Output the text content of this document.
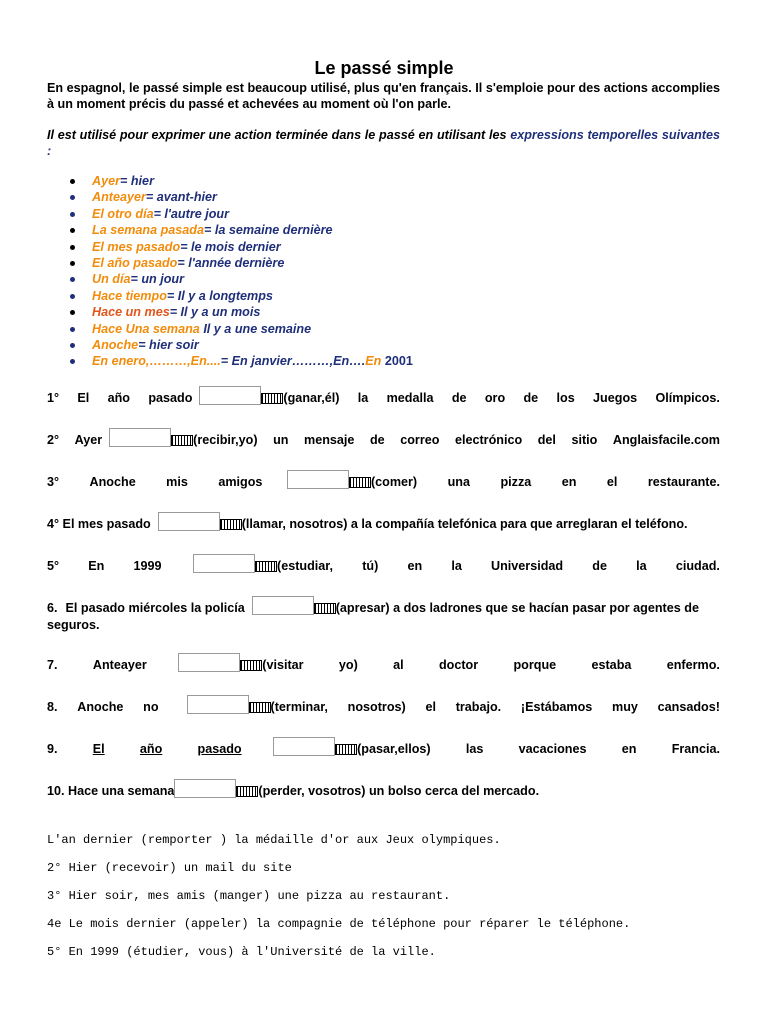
Le passé simple

En espagnol, le passé simple est beaucoup utilisé, plus qu'en français. Il s'emploie pour des actions accomplies à un moment précis du passé et achevées au moment où l'on parle.

Il est utilisé pour exprimer une action terminée dans le passé en utilisant les expressions temporelles suivantes :

Ayer= hier
Anteayer= avant-hier
El otro día= l'autre jour
La semana pasada= la semaine dernière
El mes pasado= le mois dernier
El año pasado= l'année dernière
Un día= un jour
Hace tiempo= Il y a longtemps
Hace un mes= Il y a un mois
Hace Una semana Il y a une semaine
Anoche= hier soir
En enero,………,En....= En janvier………,En….En 2001
1° El año pasado
	(ganar,él) la medalla de oro de los Juegos Olímpicos.
2° Ayer
	(recibir,yo) un mensaje de correo electrónico del sitio Anglaisfacile.com
3° Anoche mis amigos
	(comer) una pizza en el restaurante.
4° El mes pasado
	(llamar, nosotros) a la compañía telefónica para que arreglaran el teléfono.
5° En 1999
	(estudiar, tú) en la Universidad de la ciudad.
6. El pasado miércoles la policía
	(apresar) a dos ladrones que se hacían pasar por agentes de
seguros.
7.	Anteayer
	(visitar	yo)	al	doctor	porque	estaba	enfermo.
8. Anoche no
	(terminar, nosotros) el trabajo. ¡Estábamos muy cansados!
9.	El	año	pasado
	(pasar,ellos)	las	vacaciones	en	Francia.
10. Hace una semana	(perder, vosotros) un bolso cerca del mercado.

L'an dernier (remporter ) la médaille d'or aux Jeux olympiques.

2° Hier (recevoir) un mail du site

3° Hier soir, mes amis (manger) une pizza au restaurant.

4e Le mois dernier (appeler) la compagnie de téléphone pour réparer le téléphone.

5° En 1999 (étudier, vous) à l'Université de la ville.
